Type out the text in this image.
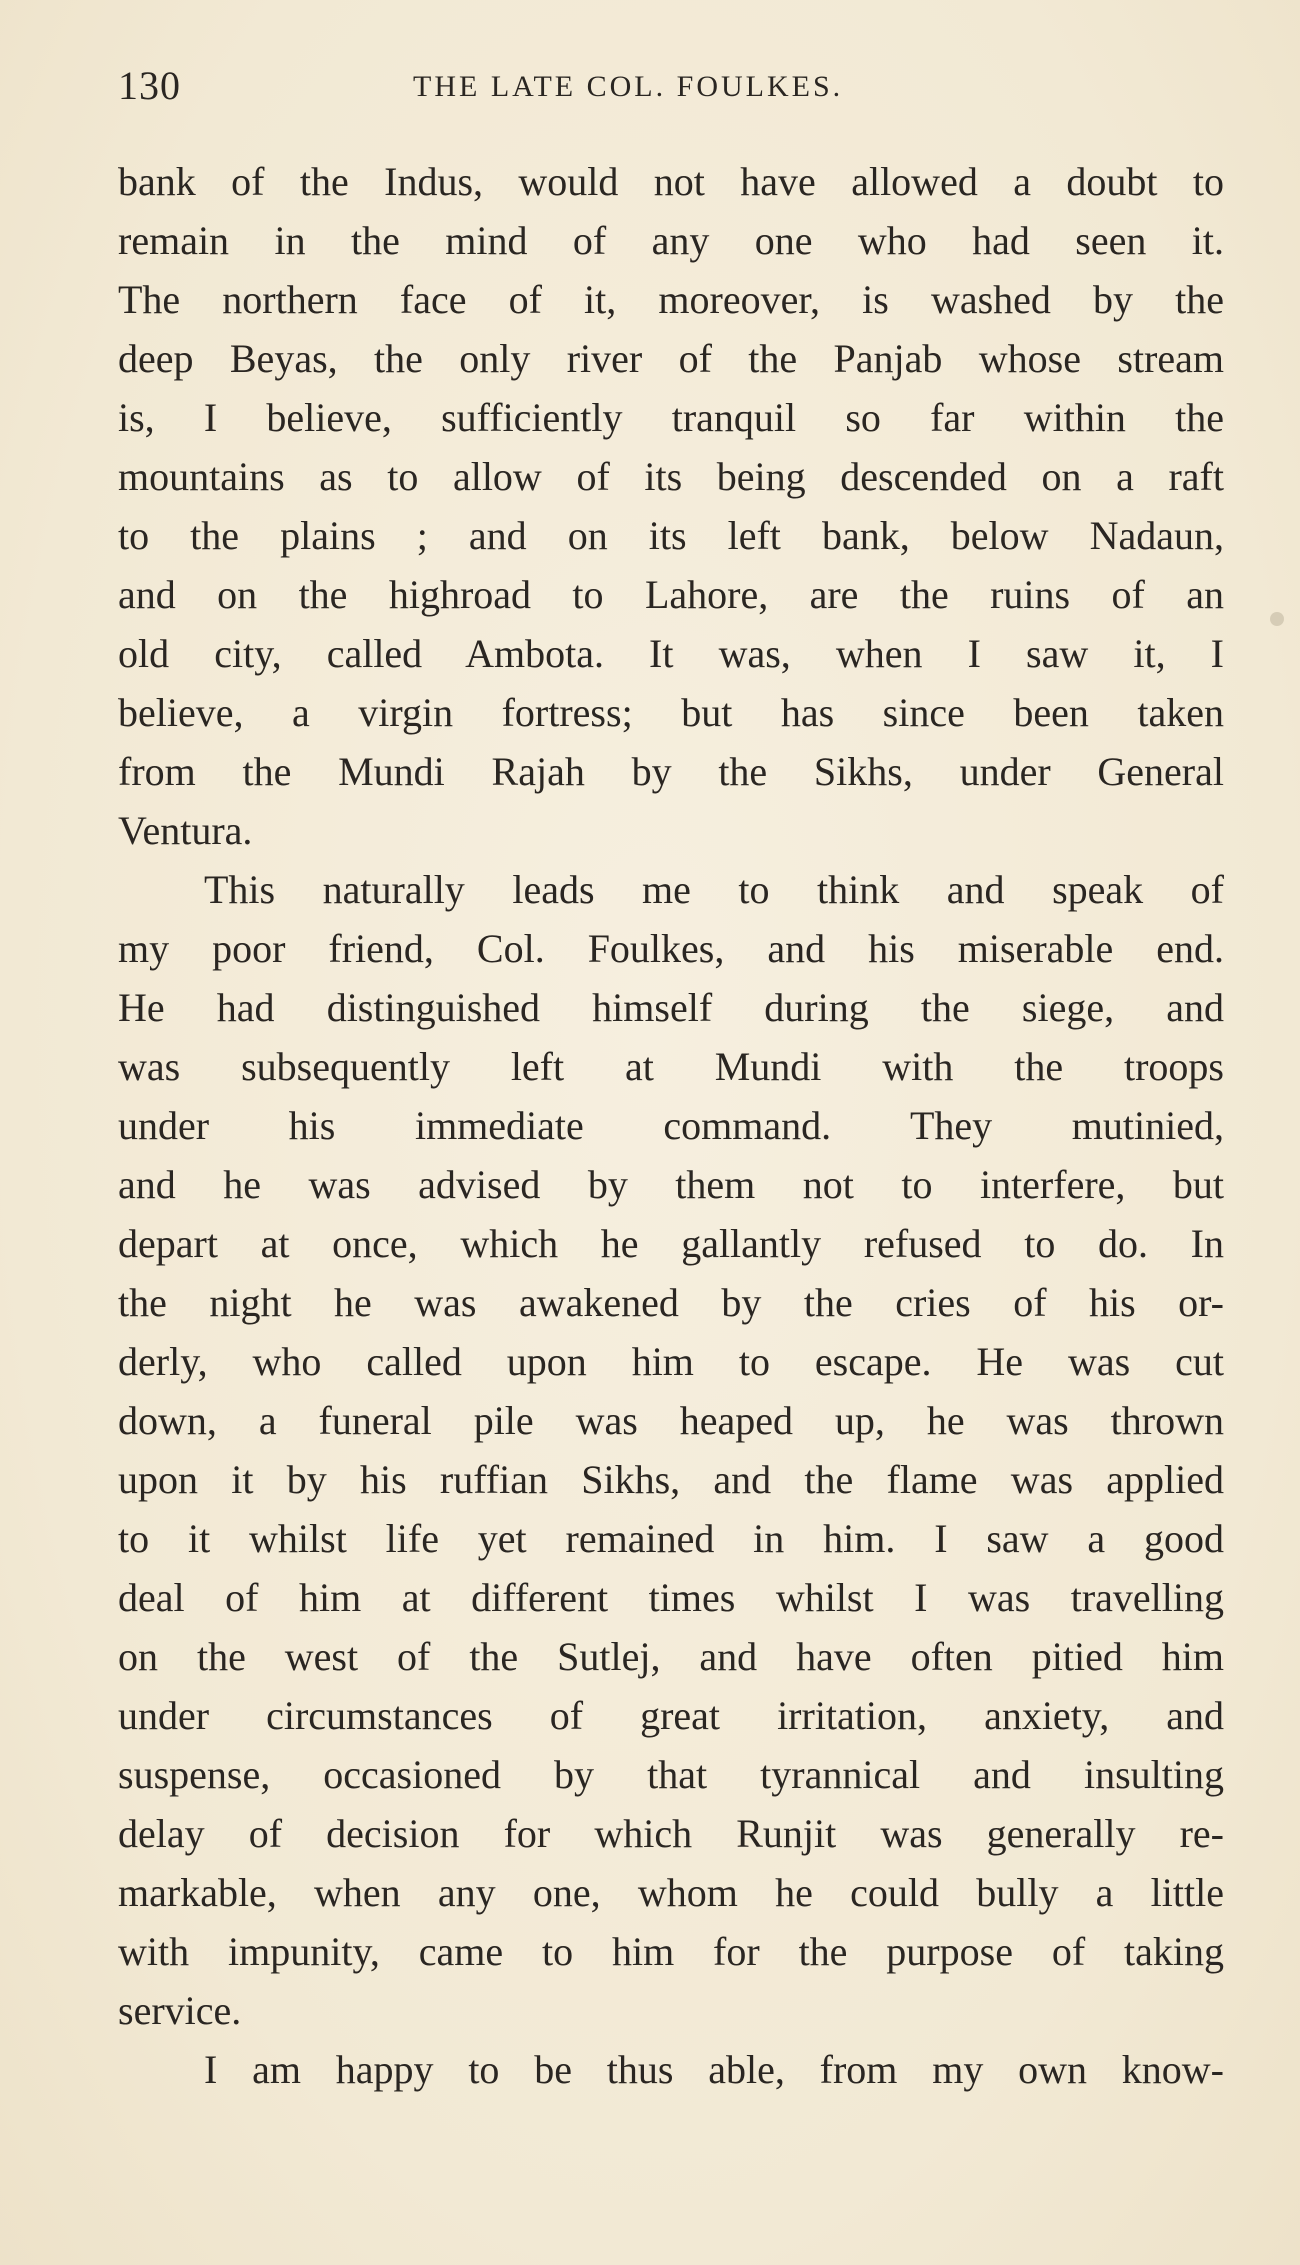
130	THE LATE COL. FOULKES.
bank of the Indus, would not have allowed a doubt to
remain in the mind of any one who had seen it.
The northern face of it, moreover, is washed by the
deep Beyas, the only river of the Panjab whose stream
is, I believe, sufficiently tranquil so far within the
mountains as to allow of its being descended on a raft
to the plains ; and on its left bank, below Nadaun,
and on the highroad to Lahore, are the ruins of an
old city, called Ambota. It was, when I saw it, I
believe, a virgin fortress; but has since been taken
from the Mundi Rajah by the Sikhs, under General
Ventura.
This naturally leads me to think and speak of
my poor friend, Col. Foulkes, and his miserable end.
He had distinguished himself during the siege, and
was subsequently left at Mundi with the troops
under his immediate command. They mutinied,
and he was advised by them not to interfere, but
depart at once, which he gallantly refused to do. In
the night he was awakened by the cries of his or-
derly, who called upon him to escape. He was cut
down, a funeral pile was heaped up, he was thrown
upon it by his ruffian Sikhs, and the flame was applied
to it whilst life yet remained in him. I saw a good
deal of him at different times whilst I was travelling
on the west of the Sutlej, and have often pitied him
under circumstances of great irritation, anxiety, and
suspense, occasioned by that tyrannical and insulting
delay of decision for which Runjit was generally re-
markable, when any one, whom he could bully a little
with impunity, came to him for the purpose of taking
service.
I am happy to be thus able, from my own know-
